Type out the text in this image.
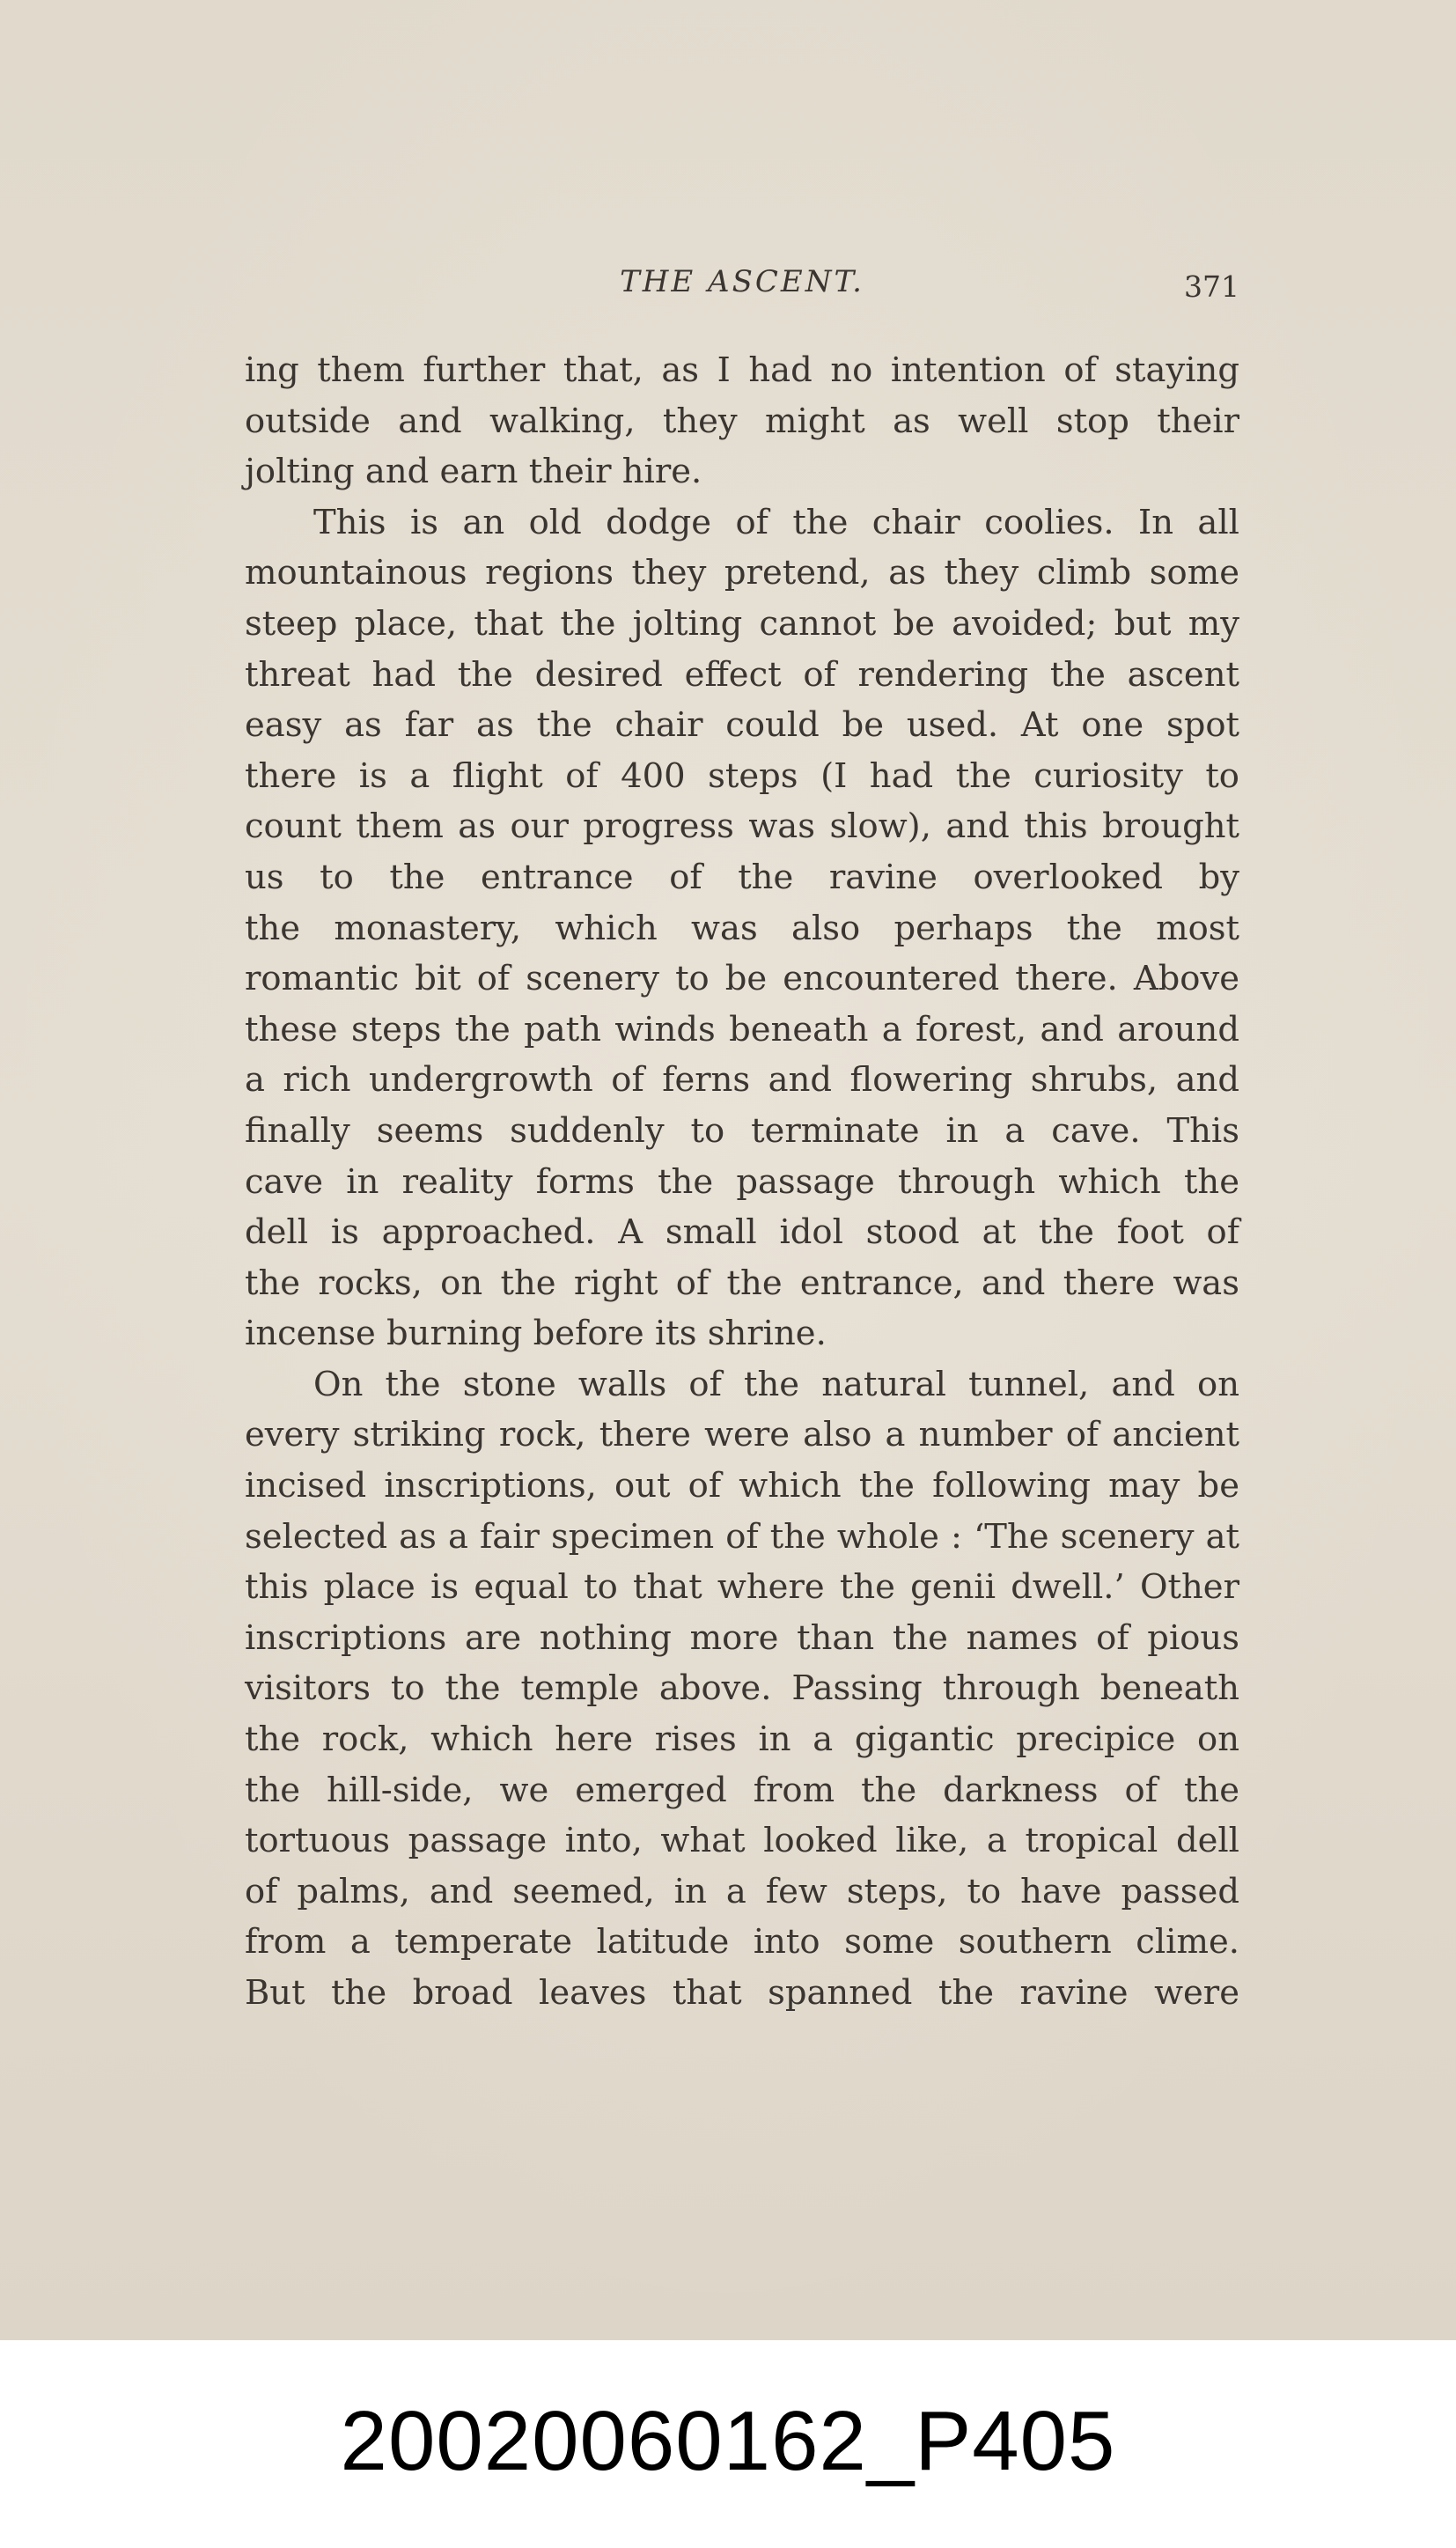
THE ASCENT.	371

ing them further that, as I had no intention of staying
outside and walking, they might as well stop their
jolting and earn their hire.

This is an old dodge of the chair coolies. In all
mountainous regions they pretend, as they climb some
steep place, that the jolting cannot be avoided; but my
threat had the desired effect of rendering the ascent
easy as far as the chair could be used. At one spot
there is a flight of 400 steps (I had the curiosity to
count them as our progress was slow), and this brought
us to the entrance of the ravine overlooked by
the monastery, which was also perhaps the most
romantic bit of scenery to be encountered there. Above
these steps the path winds beneath a forest, and around
a rich undergrowth of ferns and flowering shrubs, and
finally seems suddenly to terminate in a cave. This
cave in reality forms the passage through which the
dell is approached. A small idol stood at the foot of
the rocks, on the right of the entrance, and there was
incense burning before its shrine.

On the stone walls of the natural tunnel, and on
every striking rock, there were also a number of ancient
incised inscriptions, out of which the following may be
selected as a fair specimen of the whole : ‘The scenery at
this place is equal to that where the genii dwell.’ Other
inscriptions are nothing more than the names of pious
visitors to the temple above. Passing through beneath
the rock, which here rises in a gigantic precipice on
the hill-side, we emerged from the darkness of the
tortuous passage into, what looked like, a tropical dell
of palms, and seemed, in a few steps, to have passed
from a temperate latitude into some southern clime.
But the broad leaves that spanned the ravine were

20020060162_P405
